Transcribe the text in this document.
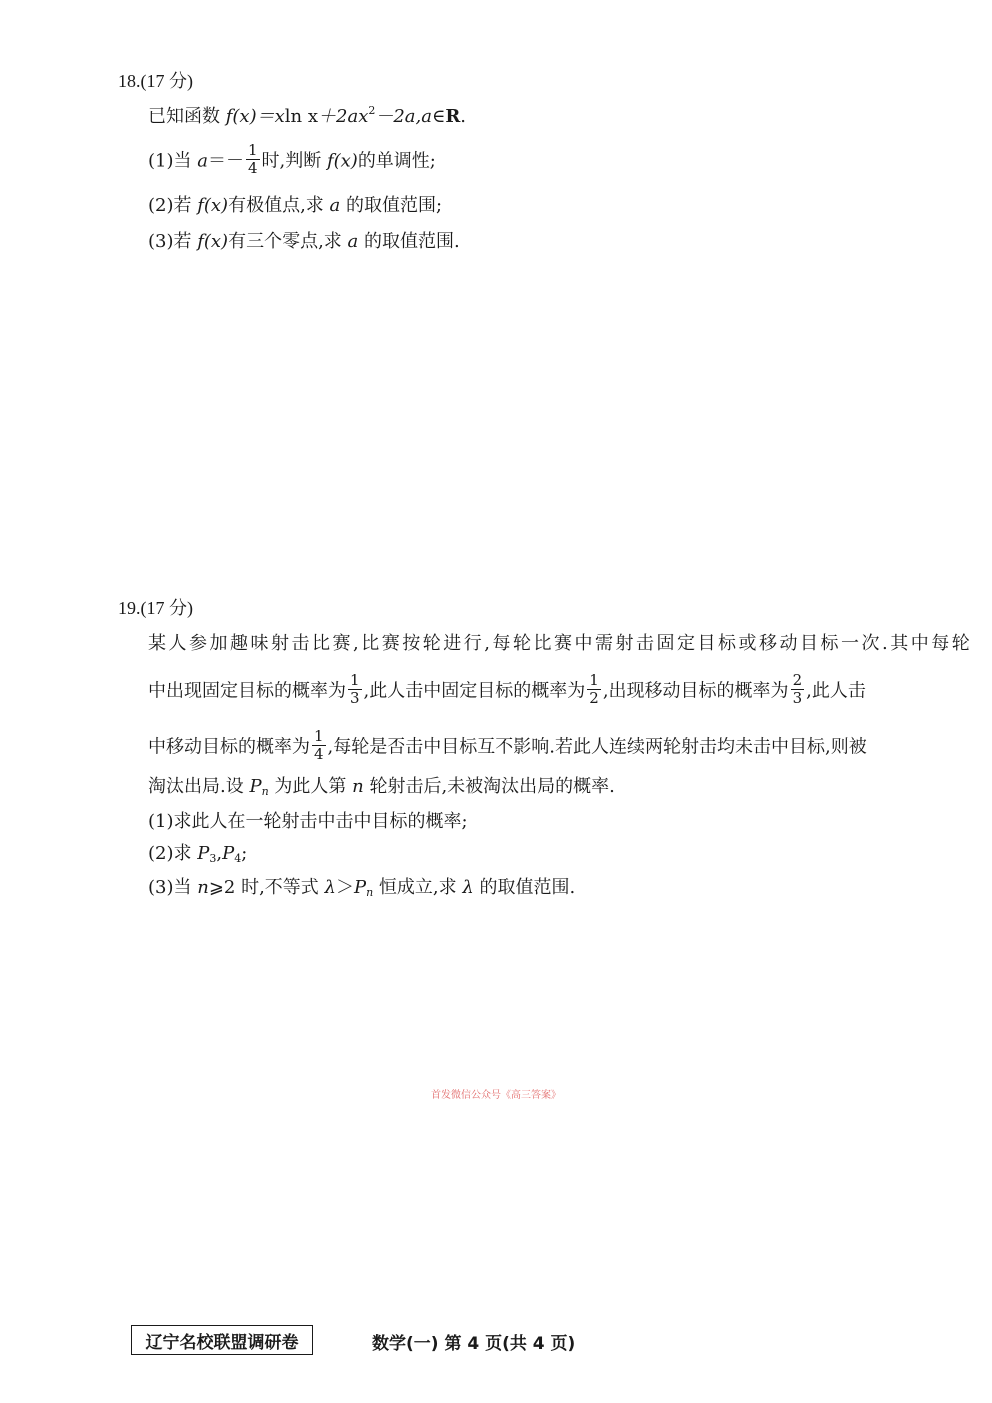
18.(17 分)
已知函数 f(x)＝xln $x+2ax^2-2a,a\in R$.
(1)当 $a=- \frac{1}{4}$ 时,判断 f(x)的单调性;
(2)若 f(x)有极值点,求 a 的取值范围;
(3)若 f(x)有三个零点,求 a 的取值范围.
19.(17 分)
某 人 参 加 趣 味 射 击 比 赛 , 比 赛 按 轮 进 行 , 每 轮 比 赛 中 需 射 击 固 定 目 标 或 移 动 目 标 一 次 . 其 中 每 轮
中出现固定目标的概率为 $\frac{1}{3}$ ,此人击中固定目标的概率为 $\frac{1}{2}$ ,出现移动目标的概率为 $\frac{2}{3}$ ,此人击
中移动目标的概率为 $\frac{1}{4}$ ,每轮是否击中目标互不影响.若此人连续两轮射击均未击中目标,则被
淘汰出局.设 $P_n$ 为此人第 n 轮射击后,未被淘汰出局的概率.
(1)求此人在一轮射击中击中目标的概率;
(2)求 $P_3,P_4$;
(3)当 n⩾2 时,不等式 $\lambda>P_n$ 恒成立,求 λ 的取值范围.
首发微信公众号《高三答案》
辽宁名校联盟调研卷	数学(一) 第 4 页(共 4 页)
